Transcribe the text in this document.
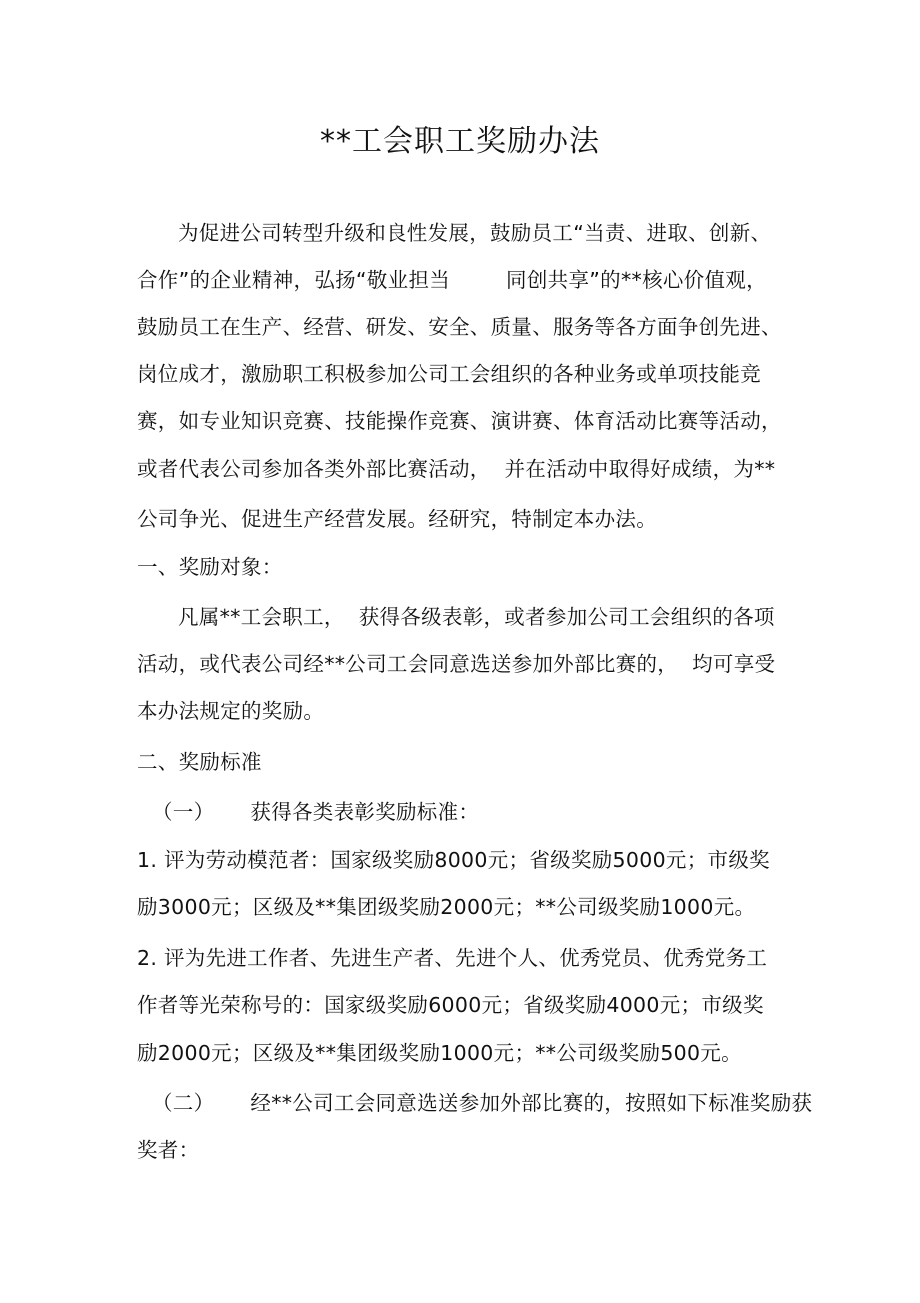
**工会职工奖励办法
为促进公司转型升级和良性发展，鼓励员工“当责、进取、创新、
合作”的企业精神，弘扬“敬业担当	同创共享”的**核心价值观，
鼓励员工在生产、经营、研发、安全、质量、服务等各方面争创先进、
岗位成才，激励职工积极参加公司工会组织的各种业务或单项技能竞
赛，如专业知识竞赛、技能操作竞赛、演讲赛、体育活动比赛等活动，
或者代表公司参加各类外部比赛活动， 并在活动中取得好成绩，为**
公司争光、促进生产经营发展。经研究，特制定本办法。
一、奖励对象：
凡属**工会职工， 获得各级表彰，或者参加公司工会组织的各项
活动，或代表公司经**公司工会同意选送参加外部比赛的， 均可享受
本办法规定的奖励。
二、奖励标准
（一） 获得各类表彰奖励标准：
1. 评为劳动模范者：国家级奖励8000元；省级奖励5000元；市级奖
励3000元；区级及**集团级奖励2000元；**公司级奖励1000元。
2. 评为先进工作者、先进生产者、先进个人、优秀党员、优秀党务工
作者等光荣称号的：国家级奖励6000元；省级奖励4000元；市级奖
励2000元；区级及**集团级奖励1000元；**公司级奖励500元。
（二） 经**公司工会同意选送参加外部比赛的，按照如下标准奖励获
奖者：
